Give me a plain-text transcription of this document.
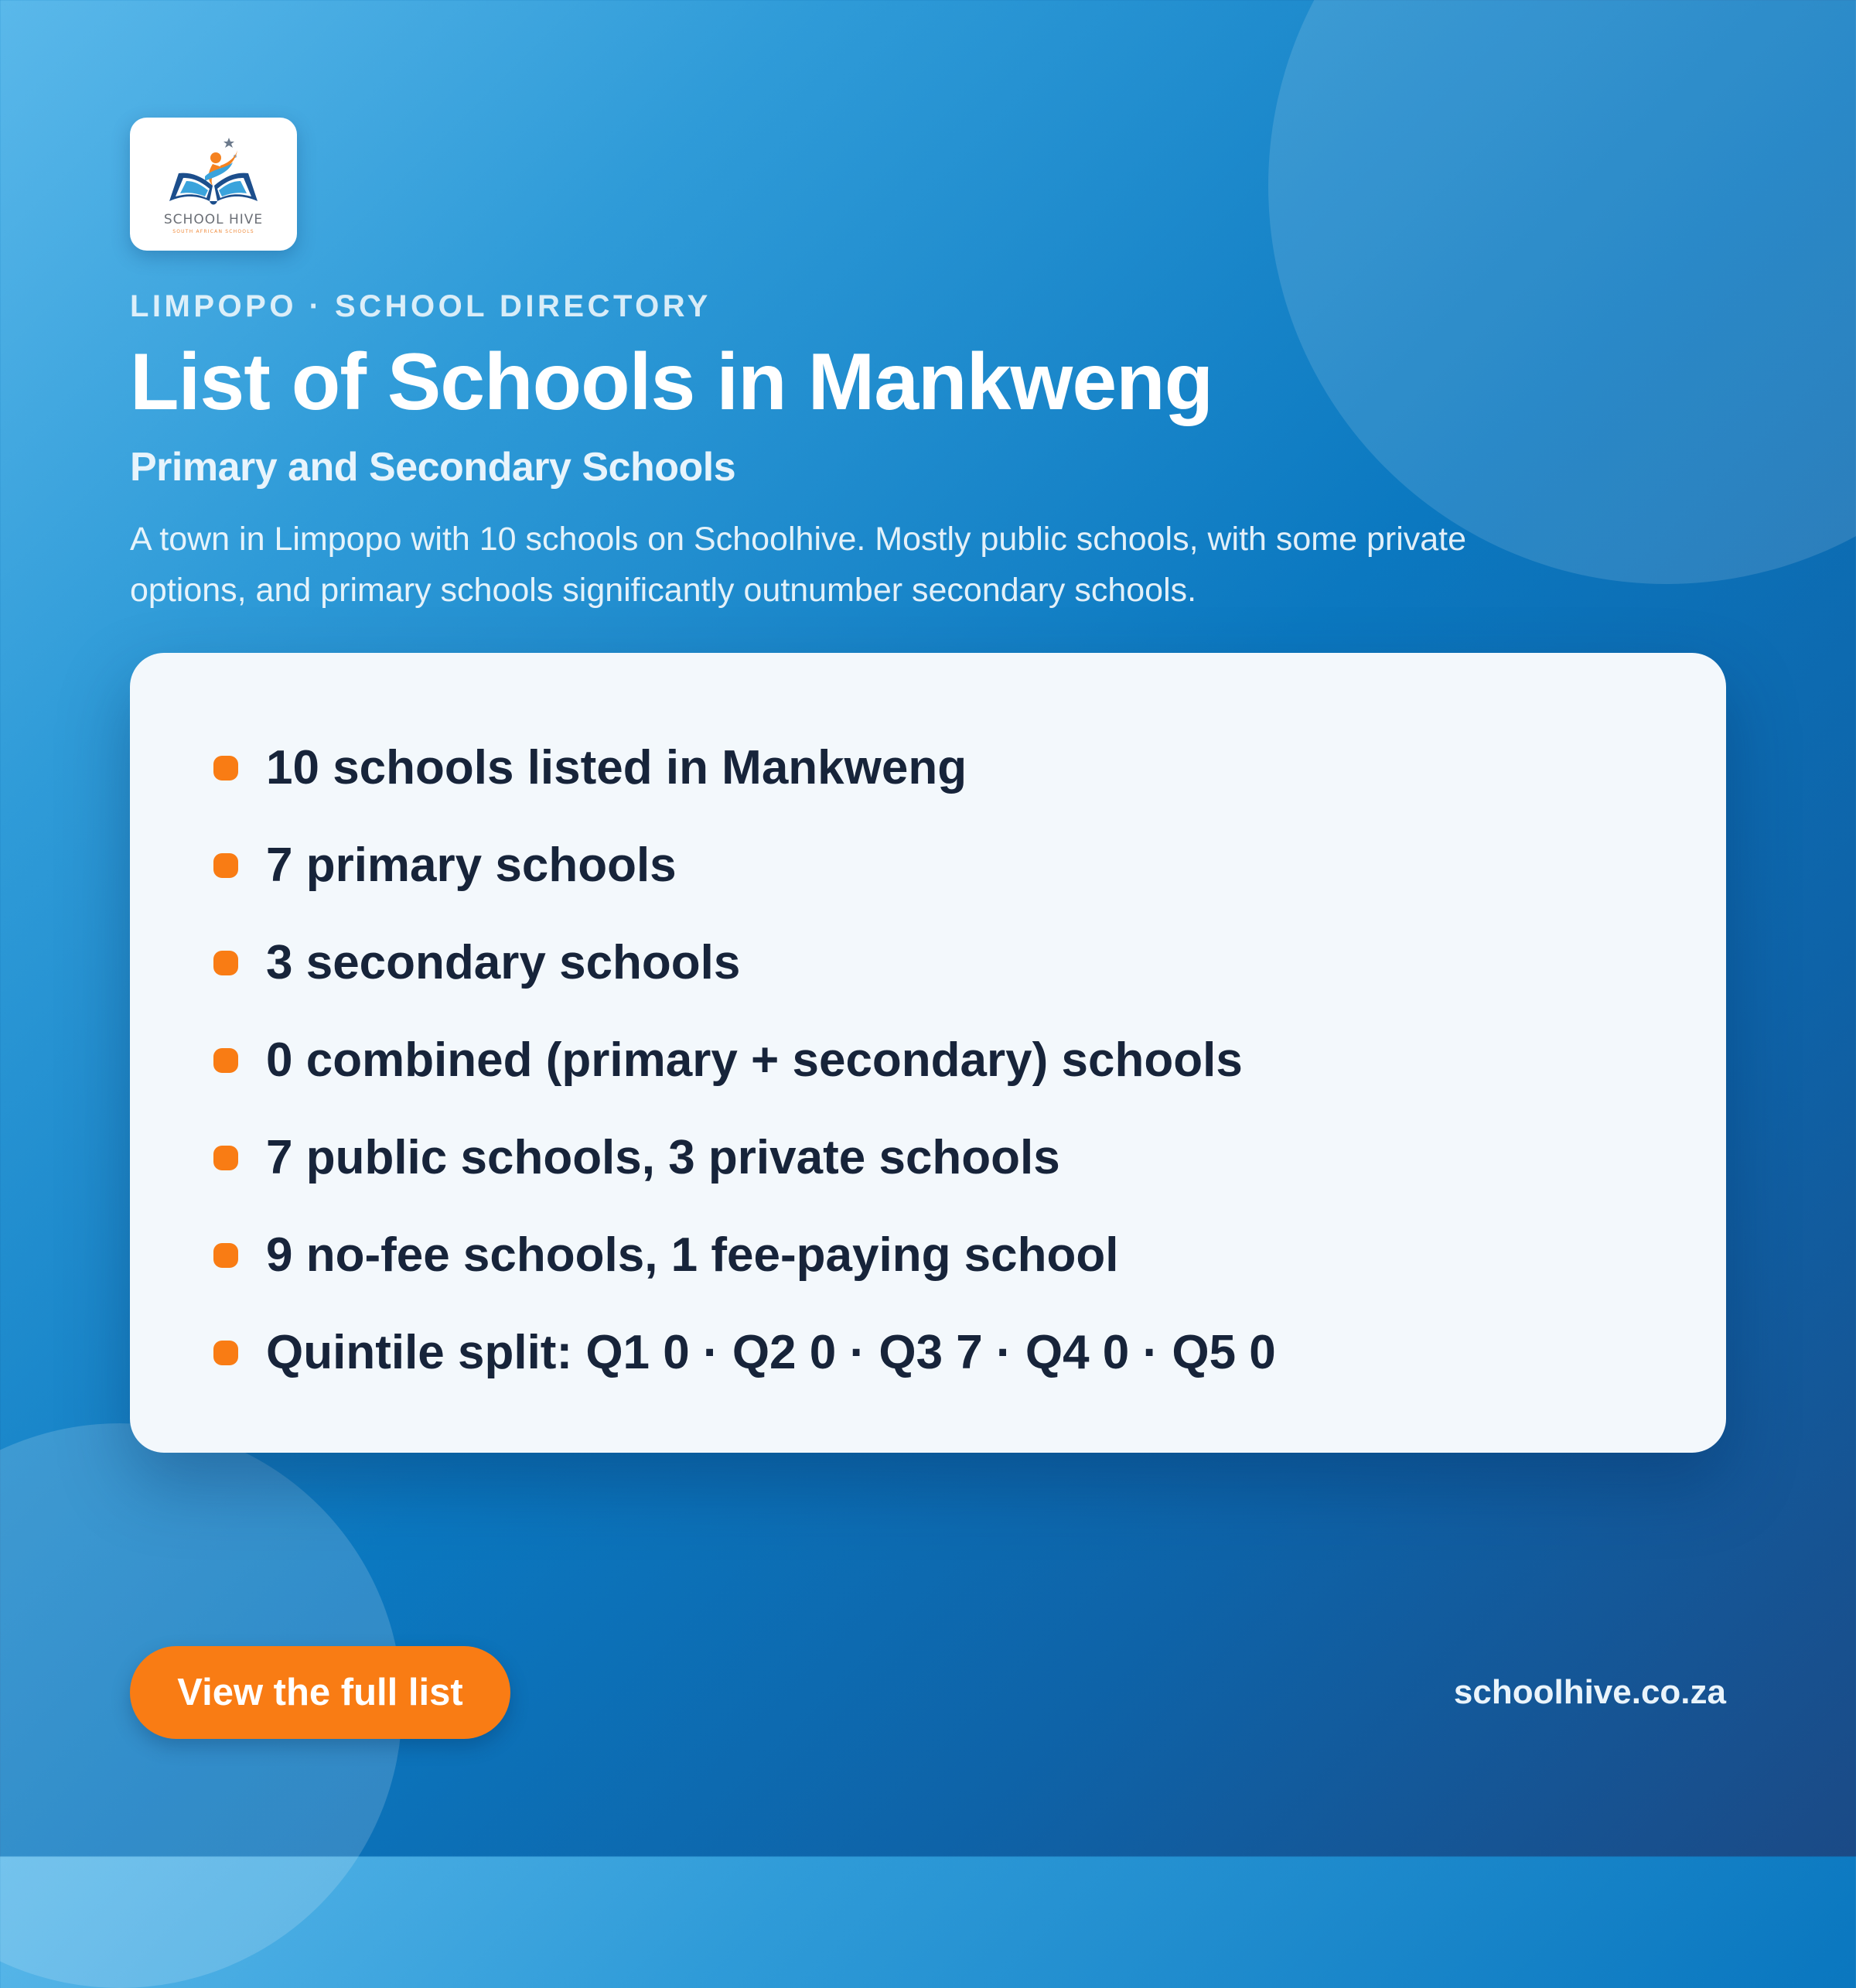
SCHOOL HIVE
SOUTH AFRICAN SCHOOLS
LIMPOPO · SCHOOL DIRECTORY
List of Schools in Mankweng
Primary and Secondary Schools
A town in Limpopo with 10 schools on Schoolhive. Mostly public schools, with some private options, and primary schools significantly outnumber secondary schools.
10 schools listed in Mankweng
7 primary schools
3 secondary schools
0 combined (primary + secondary) schools
7 public schools, 3 private schools
9 no-fee schools, 1 fee-paying school
Quintile split: Q1 0 · Q2 0 · Q3 7 · Q4 0 · Q5 0
View the full list	schoolhive.co.za
